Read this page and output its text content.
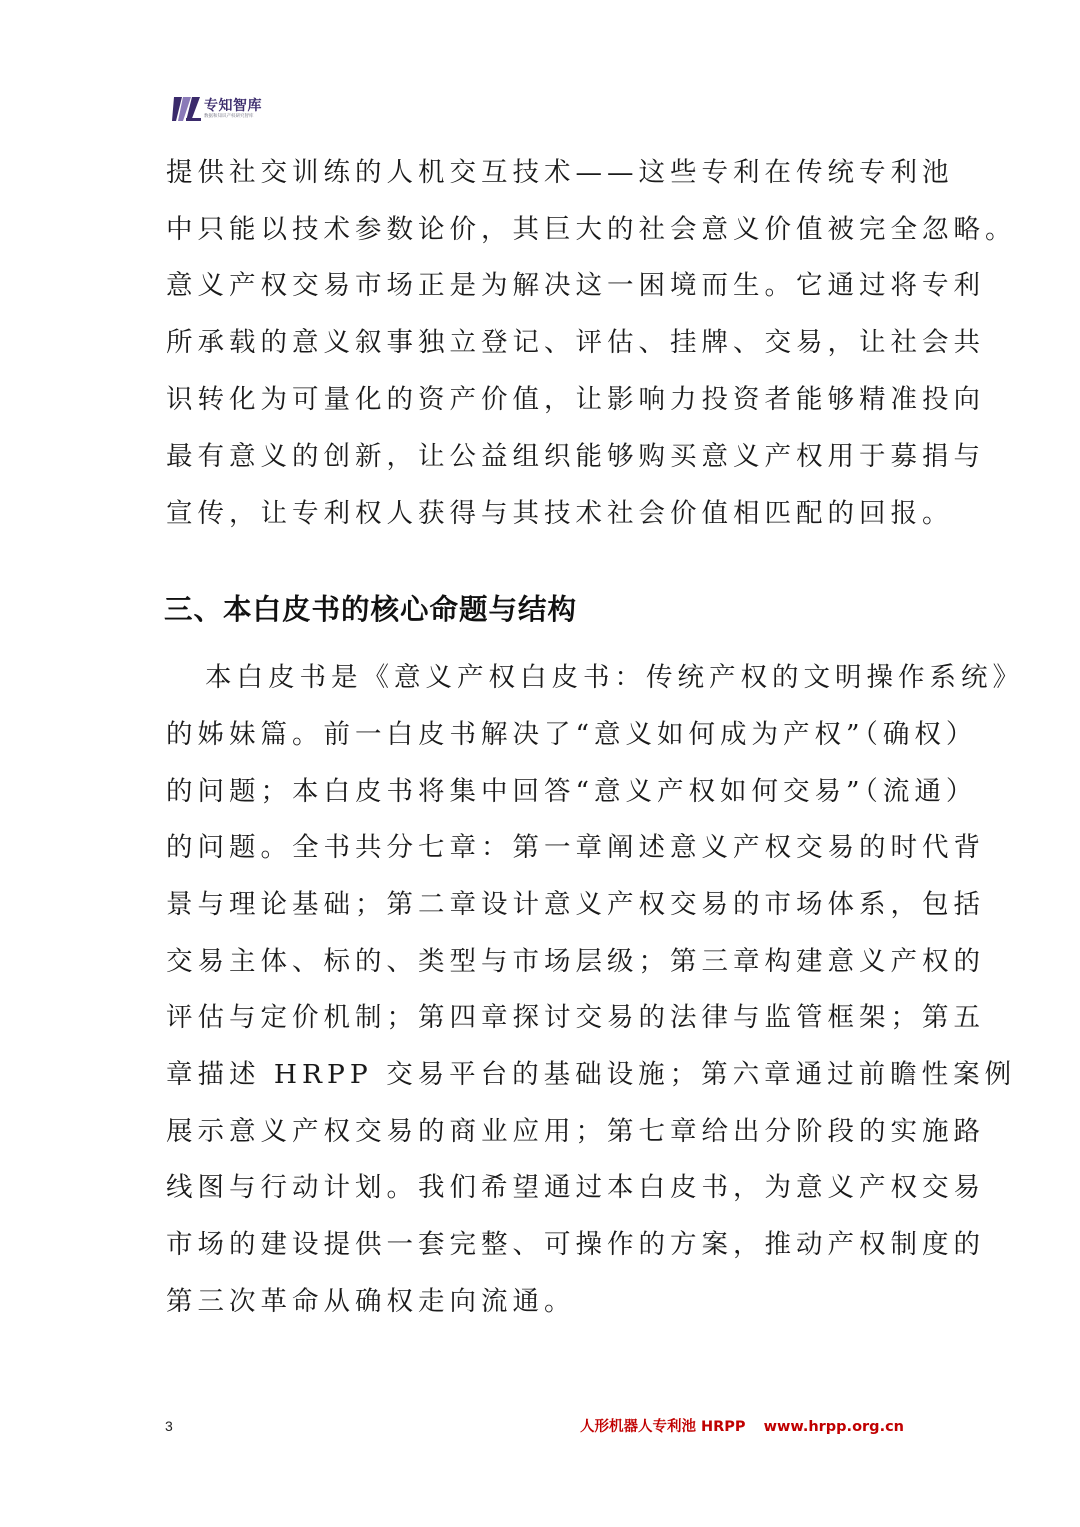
专知智库
数据和知识产权研究智库
提供社交训练的人机交互技术——这些专利在传统专利池
中只能以技术参数论价，其巨大的社会意义价值被完全忽略。
意义产权交易市场正是为解决这一困境而生。它通过将专利
所承载的意义叙事独立登记、评估、挂牌、交易，让社会共
识转化为可量化的资产价值，让影响力投资者能够精准投向
最有意义的创新，让公益组织能够购买意义产权用于募捐与
宣传，让专利权人获得与其技术社会价值相匹配的回报。
三、本白皮书的核心命题与结构
本白皮书是《意义产权白皮书：传统产权的文明操作系统》
的姊妹篇。前一白皮书解决了“意义如何成为产权”（确权）
的问题；本白皮书将集中回答“意义产权如何交易”（流通）
的问题。全书共分七章：第一章阐述意义产权交易的时代背
景与理论基础；第二章设计意义产权交易的市场体系，包括
交易主体、标的、类型与市场层级；第三章构建意义产权的
评估与定价机制；第四章探讨交易的法律与监管框架；第五
章描述 HRPP 交易平台的基础设施；第六章通过前瞻性案例
展示意义产权交易的商业应用；第七章给出分阶段的实施路
线图与行动计划。我们希望通过本白皮书，为意义产权交易
市场的建设提供一套完整、可操作的方案，推动产权制度的
第三次革命从确权走向流通。
3	人形机器人专利池 HRPP www.hrpp.org.cn
